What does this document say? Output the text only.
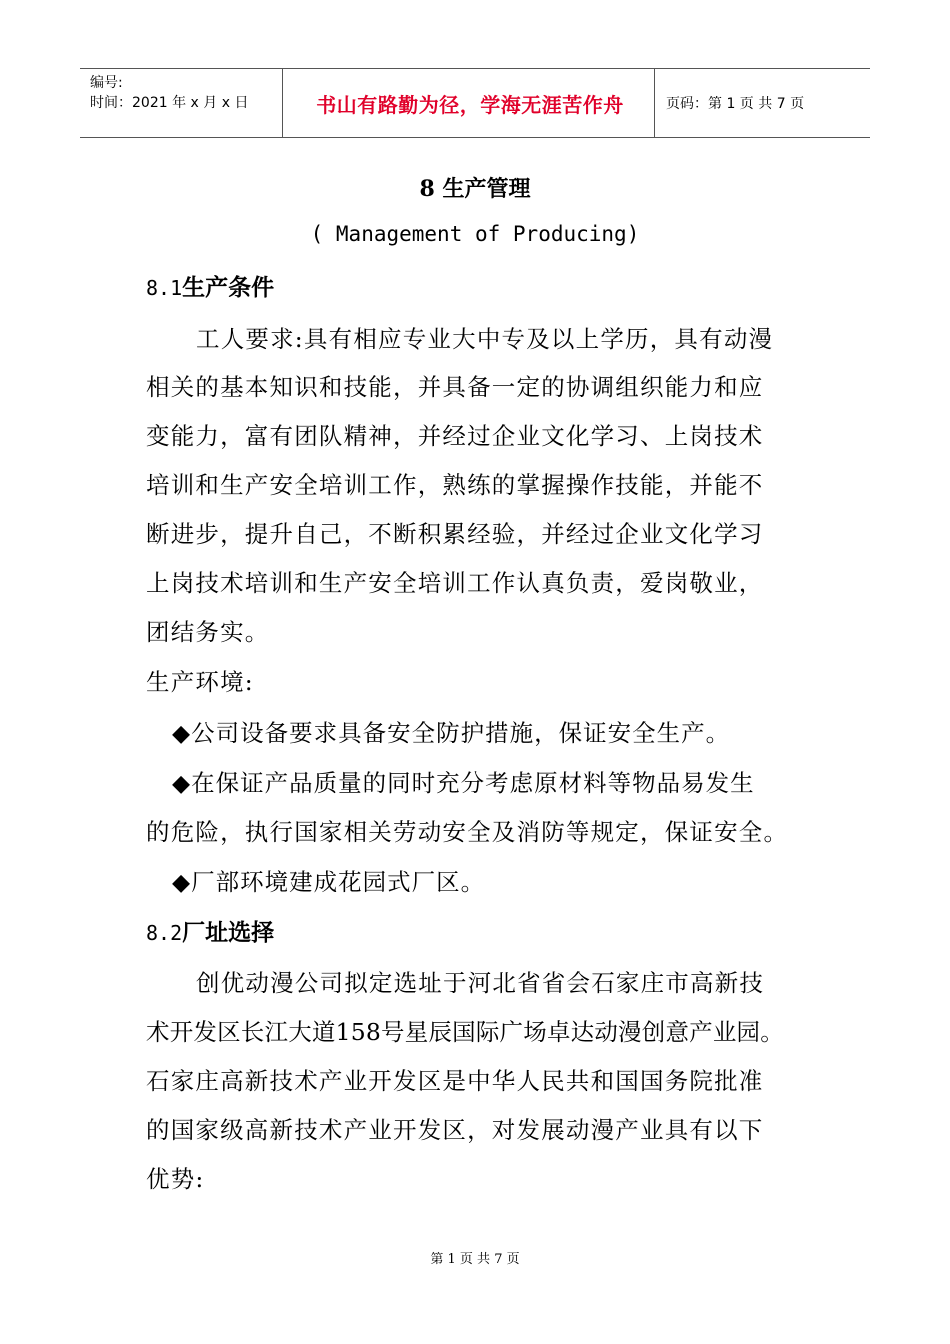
编号:
时间：2021 年 x 月 x 日	书山有路勤为径，学海无涯苦作舟	页码：第 1 页 共 7 页
8 生产管理
( Management of Producing)
8.1生产条件
工人要求:具有相应专业大中专及以上学历，具有动漫
相关的基本知识和技能，并具备一定的协调组织能力和应
变能力，富有团队精神，并经过企业文化学习、上岗技术
培训和生产安全培训工作，熟练的掌握操作技能，并能不
断进步，提升自己，不断积累经验，并经过企业文化学习
上岗技术培训和生产安全培训工作认真负责，爱岗敬业，
团结务实。
生产环境:
◆公司设备要求具备安全防护措施，保证安全生产。
◆在保证产品质量的同时充分考虑原材料等物品易发生
的危险，执行国家相关劳动安全及消防等规定，保证安全。
◆厂部环境建成花园式厂区。
8.2厂址选择
创优动漫公司拟定选址于河北省省会石家庄市高新技
术开发区长江大道158号星辰国际广场卓达动漫创意产业园。
石家庄高新技术产业开发区是中华人民共和国国务院批准
的国家级高新技术产业开发区，对发展动漫产业具有以下
优势:
第 1 页 共 7 页
